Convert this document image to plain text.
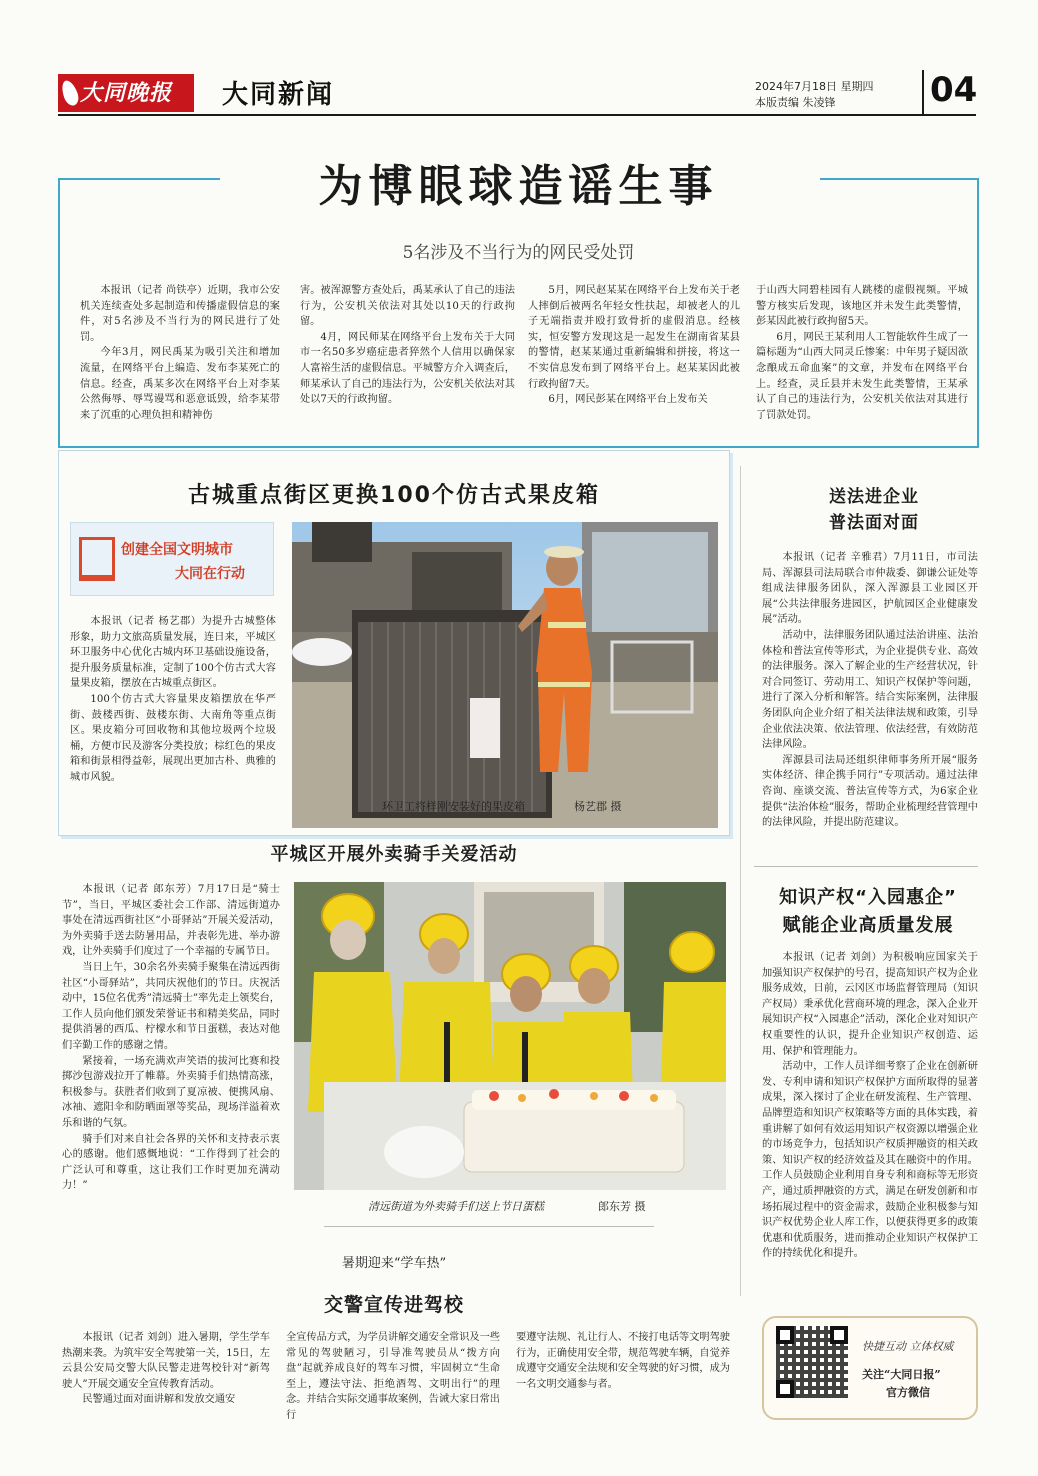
大同晚报	大同新闻	2024年7月18日 星期四
本版责编 朱凌锋	04
为博眼球造谣生事
5名涉及不当行为的网民受处罚

本报讯（记者 尚铁亭）近期，我市公安机关连续查处多起制造和传播虚假信息的案件，对5名涉及不当行为的网民进行了处罚。

今年3月，网民禹某为吸引关注和增加流量，在网络平台上编造、发布李某死亡的信息。经查，禹某多次在网络平台上对李某公然侮辱、辱骂谩骂和恶意诋毁，给李某带来了沉重的心理负担和精神伤

害。被浑源警方查处后，禹某承认了自己的违法行为，公安机关依法对其处以10天的行政拘留。

4月，网民师某在网络平台上发布关于大同市一名50多岁癌症患者猝然个人信用以确保家人富裕生活的虚假信息。平城警方介入调查后，师某承认了自己的违法行为，公安机关依法对其处以7天的行政拘留。

5月，网民赵某某在网络平台上发布关于老人摔倒后被两名年轻女性扶起，却被老人的儿子无端指责并殴打致骨折的虚假消息。经核实，恒安警方发现这是一起发生在湖南省某县的警情，赵某某通过重新编辑和拼接，将这一不实信息发布到了网络平台上。赵某某因此被行政拘留7天。

6月，网民彭某在网络平台上发布关

于山西大同碧桂园有人跳楼的虚假视频。平城警方核实后发现，该地区并未发生此类警情，彭某因此被行政拘留5天。

6月，网民王某利用人工智能软件生成了一篇标题为“山西大同灵丘惨案：中年男子疑因欲念酿成五命血案”的文章，并发布在网络平台上。经查，灵丘县并未发生此类警情，王某承认了自己的违法行为，公安机关依法对其进行了罚款处罚。

古城重点街区更换100个仿古式果皮箱
创建全国文明城市
大同在行动

本报讯（记者 杨艺郡）为提升古城整体形象，助力文旅高质量发展，连日来，平城区环卫服务中心优化古城内环卫基础设施设备，提升服务质量标准，定制了100个仿古式大容量果皮箱，摆放在古城重点街区。

100个仿古式大容量果皮箱摆放在华严街、鼓楼西街、鼓楼东街、大南角等重点街区。果皮箱分可回收物和其他垃圾两个垃圾桶，方便市民及游客分类投放；棕红色的果皮箱和街景相得益彰，展现出更加古朴、典雅的城市风貌。

环卫工将样刚安装好的果皮箱	杨艺郡 摄
平城区开展外卖骑手关爱活动

本报讯（记者 郎东芳）7月17日是“骑士节”，当日，平城区委社会工作部、清远街道办事处在清远西街社区“小哥驿站”开展关爱活动，为外卖骑手送去防暑用品，并表彰先进、举办游戏，让外卖骑手们度过了一个幸福的专属节日。

当日上午，30余名外卖骑手聚集在清远西街社区“小哥驿站”，共同庆祝他们的节日。庆祝活动中，15位名优秀”清远骑士”率先走上领奖台，工作人员向他们颁发荣誉证书和精美奖品，同时提供消暑的西瓜、柠檬水和节日蛋糕，表达对他们辛勤工作的感谢之情。

紧接着，一场充满欢声笑语的拔河比赛和投掷沙包游戏拉开了帷幕。外卖骑手们热情高涨，积极参与。获胜者们收到了夏凉被、便携风扇、冰袖、遮阳伞和防晒面罩等奖品，现场洋溢着欢乐和谐的气氛。

骑手们对来自社会各界的关怀和支持表示衷心的感谢。他们感慨地说：“工作得到了社会的广泛认可和尊重，这让我们工作时更加充满动力！”

清远街道为外卖骑手们送上节日蛋糕	郎东芳 摄
暑期迎来“学车热”
交警宣传进驾校

本报讯（记者 刘剑）进入暑期，学生学车热潮来袭。为筑牢安全驾驶第一关，15日，左云县公安局交警大队民警走进驾校针对“新驾驶人”开展交通安全宣传教育活动。

民警通过面对面讲解和发放交通安

全宣传品方式，为学员讲解交通安全常识及一些常见的驾驶陋习，引导准驾驶员从“拨方向盘”起就养成良好的驾车习惯，牢固树立“生命至上，遵法守法、拒绝酒驾、文明出行”的理念。并结合实际交通事故案例，告诫大家日常出行

要遵守法规、礼让行人、不接打电话等文明驾驶行为，正确使用安全带，规范驾驶车辆，自觉养成遵守交通安全法规和安全驾驶的好习惯，成为一名文明交通参与者。

送法进企业
普法面对面

本报讯（记者 辛雅君）7月11日，市司法局、浑源县司法局联合市仲裁委、御谦公证处等组成法律服务团队，深入浑源县工业园区开展“公共法律服务进园区，护航园区企业健康发展”活动。

活动中，法律服务团队通过法治讲座、法治体检和普法宣传等形式，为企业提供专业、高效的法律服务。深入了解企业的生产经营状况，针对合同签订、劳动用工、知识产权保护等问题，进行了深入分析和解答。结合实际案例，法律服务团队向企业介绍了相关法律法规和政策，引导企业依法决策、依法管理、依法经营，有效防范法律风险。

浑源县司法局还组织律师事务所开展“服务实体经济、律企携手同行”专项活动。通过法律咨询、座谈交流、普法宣传等方式，为6家企业提供“法治体检”服务，帮助企业梳理经营管理中的法律风险，并提出防范建议。

知识产权“入园惠企”
赋能企业高质量发展

本报讯（记者 刘剑）为积极响应国家关于加强知识产权保护的号召，提高知识产权为企业服务成效，日前，云冈区市场监督管理局（知识产权局）秉承优化营商环境的理念，深入企业开展知识产权“入园惠企”活动，深化企业对知识产权重要性的认识，提升企业知识产权创造、运用、保护和管理能力。

活动中，工作人员详细考察了企业在创新研发、专利申请和知识产权保护方面所取得的显著成果，深入探讨了企业在研发流程、生产管理、品牌塑造和知识产权策略等方面的具体实践，着重讲解了如何有效运用知识产权资源以增强企业的市场竞争力，包括知识产权质押融资的相关政策、知识产权的经济效益及其在融资中的作用。工作人员鼓励企业利用自身专利和商标等无形资产，通过质押融资的方式，满足在研发创新和市场拓展过程中的资金需求，鼓励企业积极参与知识产权优势企业人库工作，以便获得更多的政策优惠和优质服务，进而推动企业知识产权保护工作的持续优化和提升。

快捷互动 立体权威
关注“大同日报”
官方微信
